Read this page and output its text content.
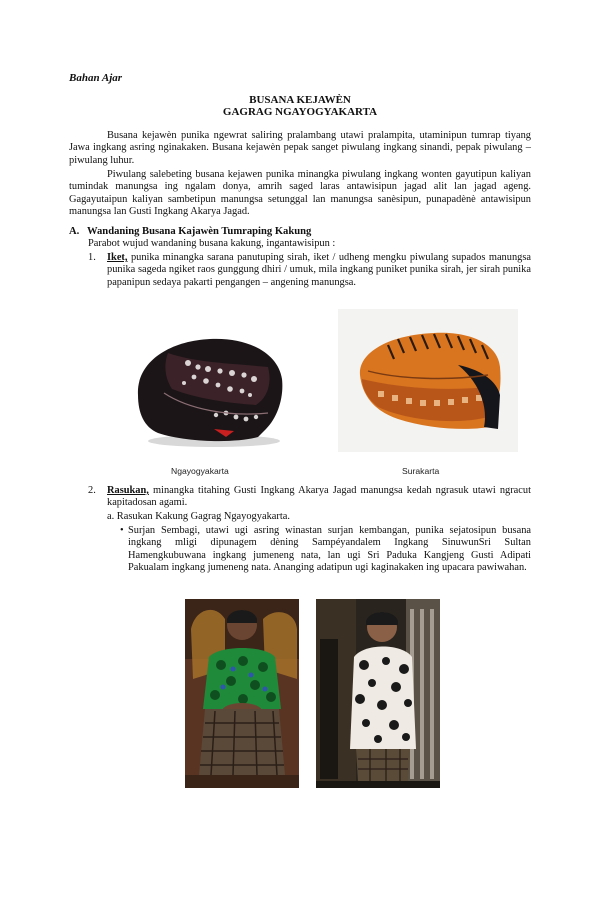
Bahan Ajar
BUSANA KEJAWÈN
GAGRAG NGAYOGYAKARTA

Busana kejawèn punika ngewrat saliring pralambang utawi pralampita, utaminipun tumrap tiyang Jawa ingkang asring nginakaken. Busana kejawèn pepak sanget piwulang ingkang sinandi, pepak piwulang – piwulang luhur.

Piwulang salebeting busana kejawen punika minangka piwulang ingkang wonten gayutipun kaliyan tumindak manungsa ing ngalam donya, amrih saged laras antawisipun jagad alit lan jagad ageng. Gagayutaipun kaliyan sambetipun manungsa setunggal lan manungsa sanèsipun, punapadènè antawisipun manungsa lan Gusti Ingkang Akarya Jagad.

A. Wandaning Busana Kajawèn Tumraping Kakung
Parabot wujud wandaning busana kakung, ingantawisipun :
1.	Iket, punika minangka sarana panutuping sirah, iket / udheng mengku piwulang supados manungsa punika sageda ngiket raos gunggung dhiri / umuk, mila ingkang puniket punika sirah, jer sirah punika papanipun sedaya pakarti pengangen – angening manungsa.
Ngayogyakarta	Surakarta
2.	Rasukan, minangka titahing Gusti Ingkang Akarya Jagad manungsa kedah ngrasuk utawi ngracut kapitadosan agami.
a. Rasukan Kakung Gagrag Ngayogyakarta.
• Surjan Sembagi, utawi ugi asring winastan surjan kembangan, punika sejatosipun busana ingkang mligi dipunagem dèning Sampéyandalem Ingkang SinuwunSri Sultan Hamengkubuwana ingkang jumeneng nata, lan ugi Sri Paduka Kangjeng Gusti Adipati Pakualam ingkang jumeneng nata. Ananging adatipun ugi kaginakaken ing upacara pawiwahan.
